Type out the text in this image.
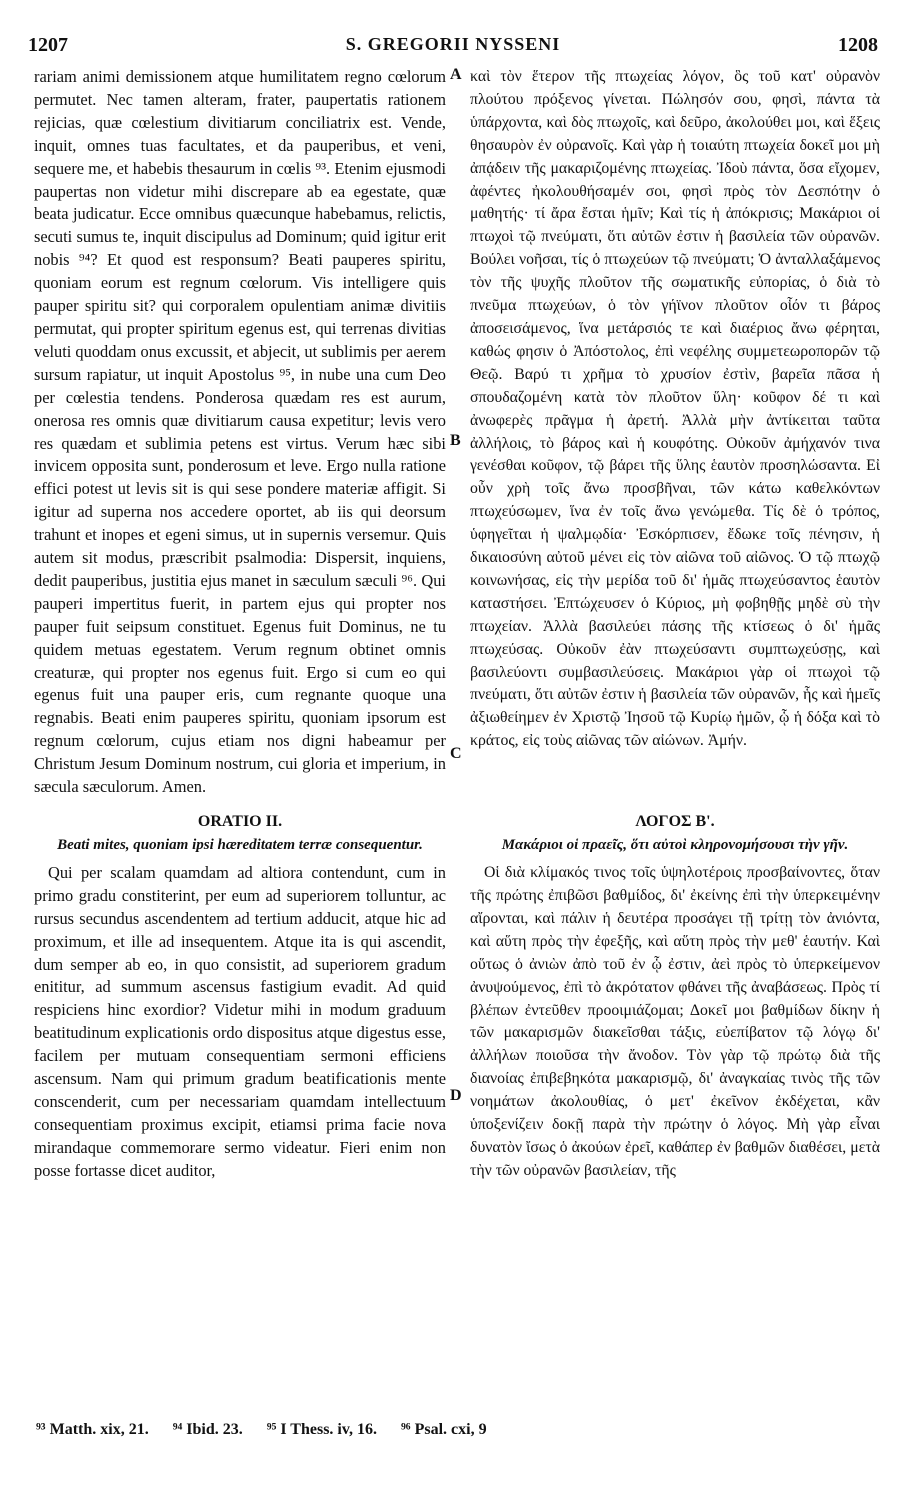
1207	S. GREGORII NYSSENI	1208
A
B
C
D

rariam animi demissionem atque humilitatem regno cœlorum permutet. Nec tamen alteram, frater, paupertatis rationem rejicias, quæ cœlestium divitiarum conciliatrix est. Vende, inquit, omnes tuas facultates, et da pauperibus, et veni, sequere me, et habebis thesaurum in cœlis ⁹³. Etenim ejusmodi paupertas non videtur mihi discrepare ab ea egestate, quæ beata judicatur. Ecce omnibus quæcunque habebamus, relictis, secuti sumus te, inquit discipulus ad Dominum; quid igitur erit nobis ⁹⁴? Et quod est responsum? Beati pauperes spiritu, quoniam eorum est regnum cœlorum. Vis intelligere quis pauper spiritu sit? qui corporalem opulentiam animæ divitiis permutat, qui propter spiritum egenus est, qui terrenas divitias veluti quoddam onus excussit, et abjecit, ut sublimis per aerem sursum rapiatur, ut inquit Apostolus ⁹⁵, in nube una cum Deo per cœlestia tendens. Ponderosa quædam res est aurum, onerosa res omnis quæ divitiarum causa expetitur; levis vero res quædam et sublimia petens est virtus. Verum hæc sibi invicem opposita sunt, ponderosum et leve. Ergo nulla ratione effici potest ut levis sit is qui sese pondere materiæ affigit. Si igitur ad superna nos accedere oportet, ab iis qui deorsum trahunt et inopes et egeni simus, ut in supernis versemur. Quis autem sit modus, præscribit psalmodia: Dispersit, inquiens, dedit pauperibus, justitia ejus manet in sæculum sæculi ⁹⁶. Qui pauperi impertitus fuerit, in partem ejus qui propter nos pauper fuit seipsum constituet. Egenus fuit Dominus, ne tu quidem metuas egestatem. Verum regnum obtinet omnis creaturæ, qui propter nos egenus fuit. Ergo si cum eo qui egenus fuit una pauper eris, cum regnante quoque una regnabis. Beati enim pauperes spiritu, quoniam ipsorum est regnum cœlorum, cujus etiam nos digni habeamur per Christum Jesum Dominum nostrum, cui gloria et imperium, in sæcula sæculorum. Amen.

ORATIO II.
Beati mites, quoniam ipsi hæreditatem terræ consequentur.

Qui per scalam quamdam ad altiora contendunt, cum in primo gradu constiterint, per eum ad superiorem tolluntur, ac rursus secundus ascendentem ad tertium adducit, atque hic ad proximum, et ille ad insequentem. Atque ita is qui ascendit, dum semper ab eo, in quo consistit, ad superiorem gradum enititur, ad summum ascensus fastigium evadit. Ad quid respiciens hinc exordior? Videtur mihi in modum graduum beatitudinum explicationis ordo dispositus atque digestus esse, facilem per mutuam consequentiam sermoni efficiens ascensum. Nam qui primum gradum beatificationis mente conscenderit, cum per necessariam quamdam intellectuum consequentiam proximus excipit, etiamsi prima facie nova mirandaque commemorare sermo videatur. Fieri enim non posse fortasse dicet auditor,

καὶ τὸν ἕτερον τῆς πτωχείας λόγον, ὃς τοῦ κατ' οὐρανὸν πλούτου πρόξενος γίνεται. Πώλησόν σου, φησὶ, πάντα τὰ ὑπάρχοντα, καὶ δὸς πτωχοῖς, καὶ δεῦρο, ἀκολούθει μοι, καὶ ἕξεις θησαυρὸν ἐν οὐρανοῖς. Καὶ γὰρ ἡ τοιαύτη πτωχεία δοκεῖ μοι μὴ ἀπᾴδειν τῆς μακαριζομένης πτωχείας. Ἰδοὺ πάντα, ὅσα εἴχομεν, ἀφέντες ἠκολουθήσαμέν σοι, φησὶ πρὸς τὸν Δεσπότην ὁ μαθητής· τί ἄρα ἔσται ἡμῖν; Καὶ τίς ἡ ἀπόκρισις; Μακάριοι οἱ πτωχοὶ τῷ πνεύματι, ὅτι αὐτῶν ἐστιν ἡ βασιλεία τῶν οὐρανῶν. Βούλει νοῆσαι, τίς ὁ πτωχεύων τῷ πνεύματι; Ὁ ἀνταλλαξάμενος τὸν τῆς ψυχῆς πλοῦτον τῆς σωματικῆς εὐπορίας, ὁ διὰ τὸ πνεῦμα πτωχεύων, ὁ τὸν γήϊνον πλοῦτον οἷόν τι βάρος ἀποσεισάμενος, ἵνα μετάρσιός τε καὶ διαέριος ἄνω φέρηται, καθώς φησιν ὁ Ἀπόστολος, ἐπὶ νεφέλης συμμετεωροπορῶν τῷ Θεῷ. Βαρύ τι χρῆμα τὸ χρυσίον ἐστὶν, βαρεῖα πᾶσα ἡ σπουδαζομένη κατὰ τὸν πλοῦτον ὕλη· κοῦφον δέ τι καὶ ἀνωφερὲς πρᾶγμα ἡ ἀρετή. Ἀλλὰ μὴν ἀντίκειται ταῦτα ἀλλήλοις, τὸ βάρος καὶ ἡ κουφότης. Οὐκοῦν ἀμήχανόν τινα γενέσθαι κοῦφον, τῷ βάρει τῆς ὕλης ἑαυτὸν προσηλώσαντα. Εἰ οὖν χρὴ τοῖς ἄνω προσβῆναι, τῶν κάτω καθελκόντων πτωχεύσωμεν, ἵνα ἐν τοῖς ἄνω γενώμεθα. Τίς δὲ ὁ τρόπος, ὑφηγεῖται ἡ ψαλμῳδία· Ἐσκόρπισεν, ἔδωκε τοῖς πένησιν, ἡ δικαιοσύνη αὐτοῦ μένει εἰς τὸν αἰῶνα τοῦ αἰῶνος. Ὁ τῷ πτωχῷ κοινωνήσας, εἰς τὴν μερίδα τοῦ δι' ἡμᾶς πτωχεύσαντος ἑαυτὸν καταστήσει. Ἐπτώχευσεν ὁ Κύριος, μὴ φοβηθῇς μηδὲ σὺ τὴν πτωχείαν. Ἀλλὰ βασιλεύει πάσης τῆς κτίσεως ὁ δι' ἡμᾶς πτωχεύσας. Οὐκοῦν ἐὰν πτωχεύσαντι συμπτωχεύσῃς, καὶ βασιλεύοντι συμβασιλεύσεις. Μακάριοι γὰρ οἱ πτωχοὶ τῷ πνεύματι, ὅτι αὐτῶν ἐστιν ἡ βασιλεία τῶν οὐρανῶν, ἧς καὶ ἡμεῖς ἀξιωθείημεν ἐν Χριστῷ Ἰησοῦ τῷ Κυρίῳ ἡμῶν, ᾧ ἡ δόξα καὶ τὸ κράτος, εἰς τοὺς αἰῶνας τῶν αἰώνων. Ἀμήν.

ΛΟΓΟΣ Β'.
Μακάριοι οἱ πραεῖς, ὅτι αὐτοὶ κληρονομήσουσι τὴν γῆν.

Οἱ διὰ κλίμακός τινος τοῖς ὑψηλοτέροις προσβαίνοντες, ὅταν τῆς πρώτης ἐπιβῶσι βαθμίδος, δι' ἐκείνης ἐπὶ τὴν ὑπερκειμένην αἴρονται, καὶ πάλιν ἡ δευτέρα προσάγει τῇ τρίτῃ τὸν ἀνιόντα, καὶ αὕτη πρὸς τὴν ἐφεξῆς, καὶ αὕτη πρὸς τὴν μεθ' ἑαυτήν. Καὶ οὕτως ὁ ἀνιὼν ἀπὸ τοῦ ἐν ᾧ ἐστιν, ἀεὶ πρὸς τὸ ὑπερκείμενον ἀνυψούμενος, ἐπὶ τὸ ἀκρότατον φθάνει τῆς ἀναβάσεως. Πρὸς τί βλέπων ἐντεῦθεν προοιμιάζομαι; Δοκεῖ μοι βαθμίδων δίκην ἡ τῶν μακαρισμῶν διακεῖσθαι τάξις, εὐεπίβατον τῷ λόγῳ δι' ἀλλήλων ποιοῦσα τὴν ἄνοδον. Τὸν γὰρ τῷ πρώτῳ διὰ τῆς διανοίας ἐπιβεβηκότα μακαρισμῷ, δι' ἀναγκαίας τινὸς τῆς τῶν νοημάτων ἀκολουθίας, ὁ μετ' ἐκεῖνον ἐκδέχεται, κἂν ὑποξενίζειν δοκῇ παρὰ τὴν πρώτην ὁ λόγος. Μὴ γὰρ εἶναι δυνατὸν ἴσως ὁ ἀκούων ἐρεῖ, καθάπερ ἐν βαθμῶν διαθέσει, μετὰ τὴν τῶν οὐρανῶν βασιλείαν, τῆς

⁹³ Matth. xix, 21. ⁹⁴ Ibid. 23. ⁹⁵ I Thess. iv, 16. ⁹⁶ Psal. cxi, 9
